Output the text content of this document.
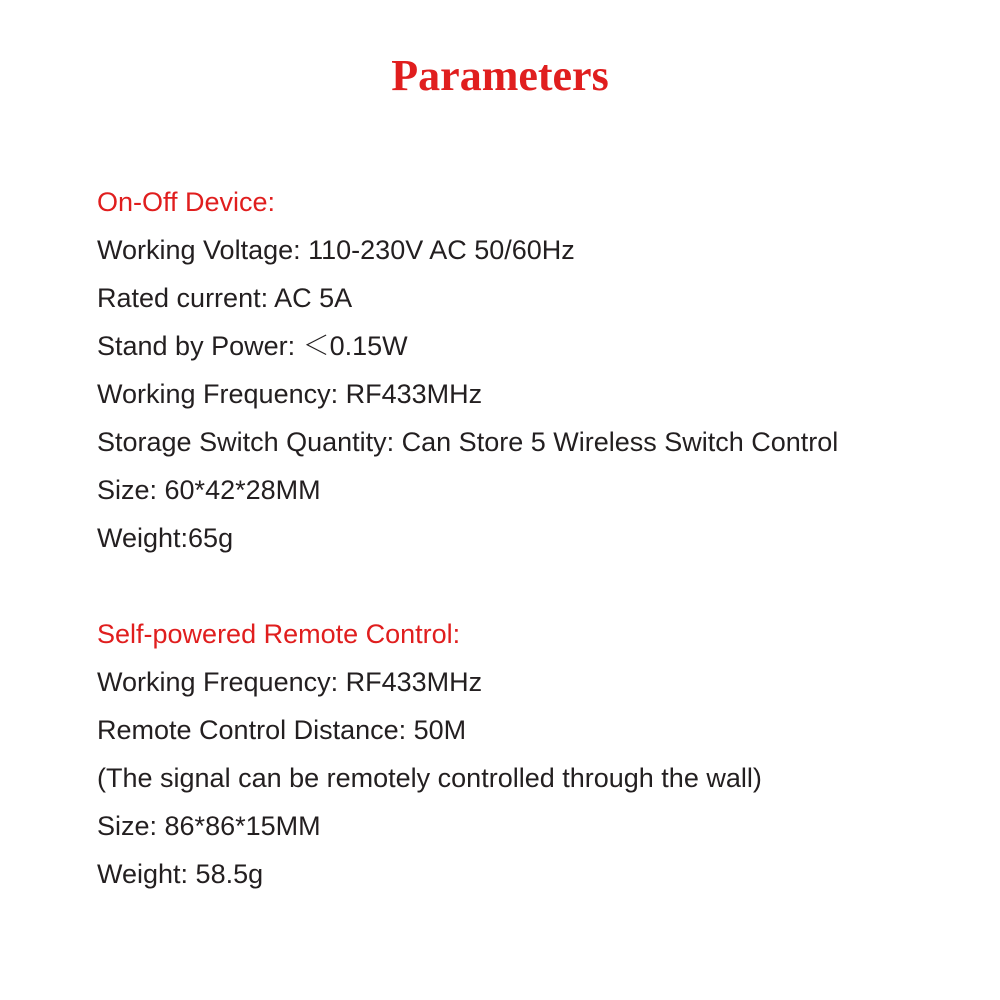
Parameters
On-Off Device:
Working Voltage: 110-230V AC 50/60Hz
Rated current: AC 5A
Stand by Power: ＜0.15W
Working Frequency: RF433MHz
Storage Switch Quantity: Can Store 5 Wireless Switch Control
Size: 60*42*28MM
Weight:65g
Self-powered Remote Control:
Working Frequency: RF433MHz
Remote Control Distance: 50M
(The signal can be remotely controlled through the wall)
Size: 86*86*15MM
Weight: 58.5g
